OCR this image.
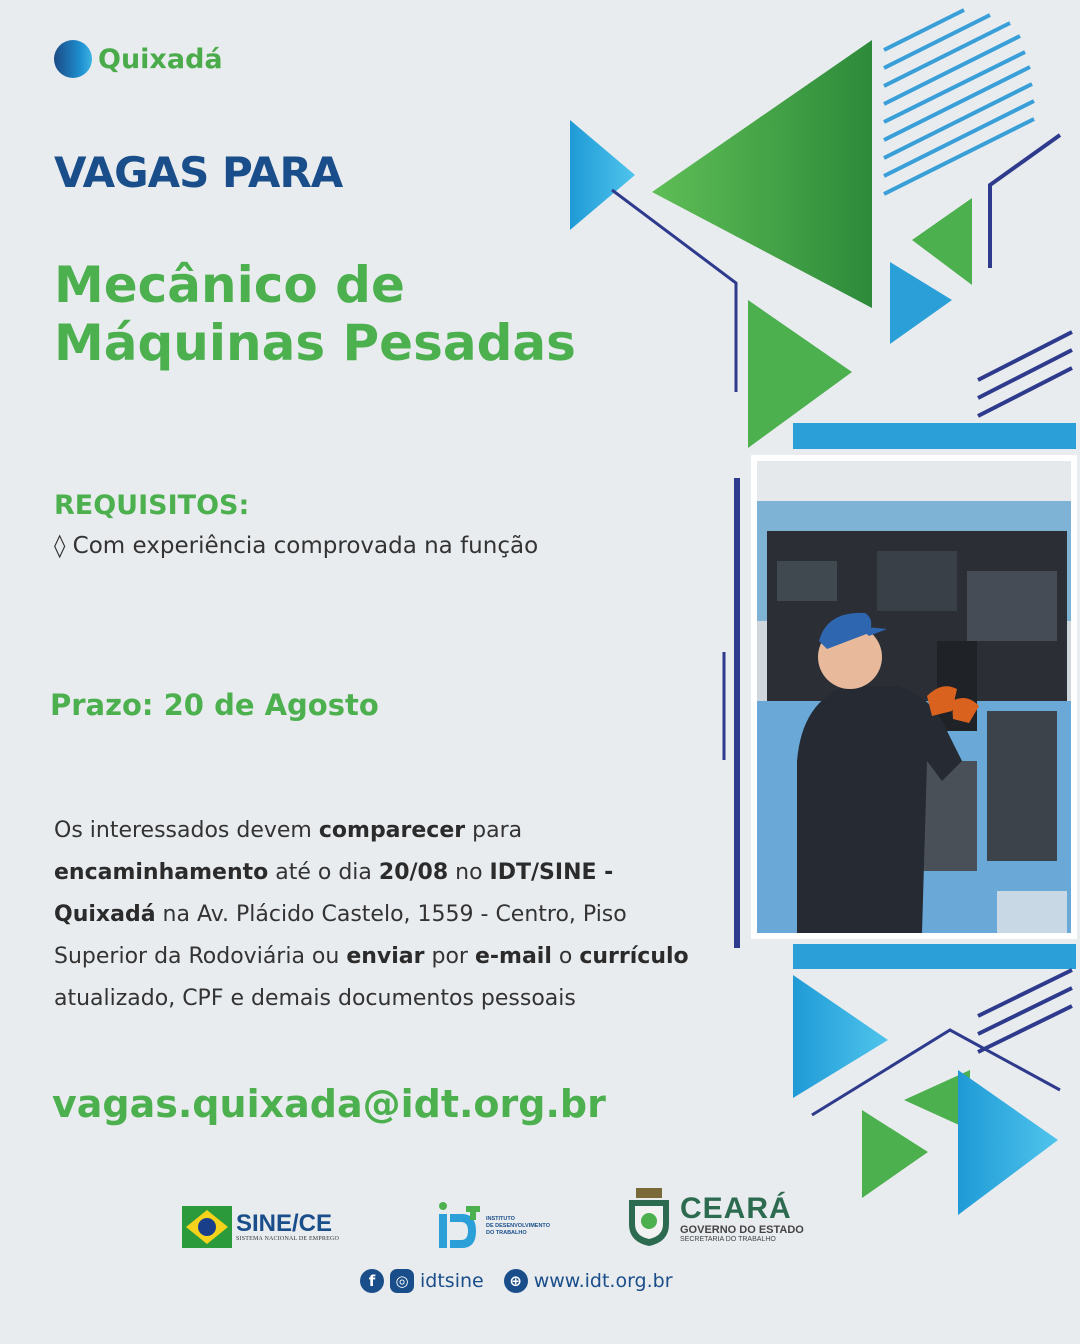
Quixadá
VAGAS PARA
Mecânico de
Máquinas Pesadas
REQUISITOS:
◊ Com experiência comprovada na função
Prazo: 20 de Agosto
Os interessados devem comparecer para encaminhamento até o dia 20/08 no IDT/SINE - Quixadá na Av. Plácido Castelo, 1559 - Centro, Piso Superior da Rodoviária ou enviar por e-mail o currículo atualizado, CPF e demais documentos pessoais
vagas.quixada@idt.org.br
SINE/CE
SISTEMA NACIONAL DE EMPREGO
INSTITUTO
DE DESENVOLVIMENTO
DO TRABALHO
CEARÁ
GOVERNO DO ESTADO
SECRETARIA DO TRABALHO
f	◎ idtsine	⊕ www.idt.org.br
